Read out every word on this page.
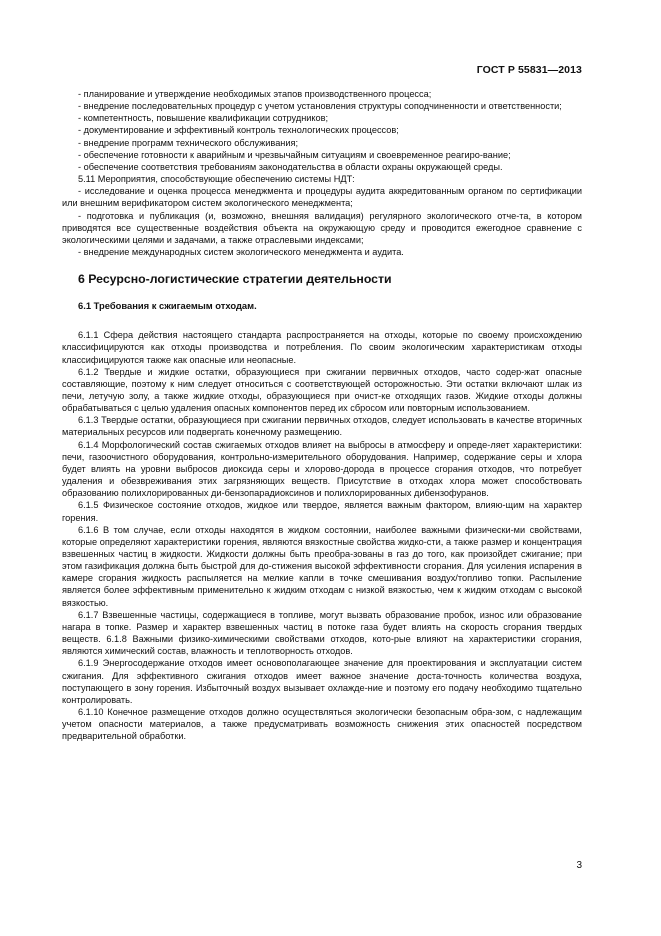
ГОСТ Р 55831—2013

- планирование и утверждение необходимых этапов производственного процесса;

- внедрение последовательных процедур с учетом установления структуры соподчиненности и ответственности;

- компетентность, повышение квалификации сотрудников;

- документирование и эффективный контроль технологических процессов;

- внедрение программ технического обслуживания;

- обеспечение готовности к аварийным и чрезвычайным ситуациям и своевременное реагиро-вание;

- обеспечение соответствия требованиям законодательства в области охраны окружающей среды.

5.11 Мероприятия, способствующие обеспечению системы НДТ:

- исследование и оценка процесса менеджмента и процедуры аудита аккредитованным органом по сертификации или внешним верификатором систем экологического менеджмента;

- подготовка и публикация (и, возможно, внешняя валидация) регулярного экологического отче-та, в котором приводятся все существенные воздействия объекта на окружающую среду и проводится ежегодное сравнение с экологическими целями и задачами, а также отраслевыми индексами;

- внедрение международных систем экологического менеджмента и аудита.

6 Ресурсно-логистические стратегии деятельности

6.1 Требования к сжигаемым отходам.

6.1.1 Сфера действия настоящего стандарта распространяется на отходы, которые по своему происхождению классифицируются как отходы производства и потребления. По своим экологическим характеристикам отходы классифицируются также как опасные или неопасные.

6.1.2 Твердые и жидкие остатки, образующиеся при сжигании первичных отходов, часто содер-жат опасные составляющие, поэтому к ним следует относиться с соответствующей осторожностью. Эти остатки включают шлак из печи, летучую золу, а также жидкие отходы, образующиеся при очист-ке отходящих газов. Жидкие отходы должны обрабатываться с целью удаления опасных компонентов перед их сбросом или повторным использованием.

6.1.3 Твердые остатки, образующиеся при сжигании первичных отходов, следует использовать в качестве вторичных материальных ресурсов или подвергать конечному размещению.

6.1.4 Морфологический состав сжигаемых отходов влияет на выбросы в атмосферу и опреде-ляет характеристики: печи, газоочистного оборудования, контрольно-измерительного оборудования. Например, содержание серы и хлора будет влиять на уровни выбросов диоксида серы и хлорово-дорода в процессе сгорания отходов, что потребует удаления и обезвреживания этих загрязняющих веществ. Присутствие в отходах хлора может способствовать образованию полихлорированных ди-бензопарадиоксинов и полихлорированных дибензофуранов.

6.1.5 Физическое состояние отходов, жидкое или твердое, является важным фактором, влияю-щим на характер горения.

6.1.6 В том случае, если отходы находятся в жидком состоянии, наиболее важными физически-ми свойствами, которые определяют характеристики горения, являются вязкостные свойства жидко-сти, а также размер и концентрация взвешенных частиц в жидкости. Жидкости должны быть преобра-зованы в газ до того, как произойдет сжигание; при этом газификация должна быть быстрой для до-стижения высокой эффективности сгорания. Для усиления испарения в камере сгорания жидкость распыляется на мелкие капли в точке смешивания воздух/топливо топки. Распыление является более эффективным применительно к жидким отходам с низкой вязкостью, чем к жидким отходам с высокой вязкостью.

6.1.7 Взвешенные частицы, содержащиеся в топливе, могут вызвать образование пробок, износ или образование нагара в топке. Размер и характер взвешенных частиц в потоке газа будет влиять на скорость сгорания твердых веществ. 6.1.8 Важными физико-химическими свойствами отходов, кото-рые влияют на характеристики сгорания, являются химический состав, влажность и теплотворность отходов.

6.1.9 Энергосодержание отходов имеет основополагающее значение для проектирования и эксплуатации систем сжигания. Для эффективного сжигания отходов имеет важное значение доста-точность количества воздуха, поступающего в зону горения. Избыточный воздух вызывает охлажде-ние и поэтому его подачу необходимо тщательно контролировать.

6.1.10 Конечное размещение отходов должно осуществляться экологически безопасным обра-зом, с надлежащим учетом опасности материалов, а также предусматривать возможность снижения этих опасностей посредством предварительной обработки.

3
